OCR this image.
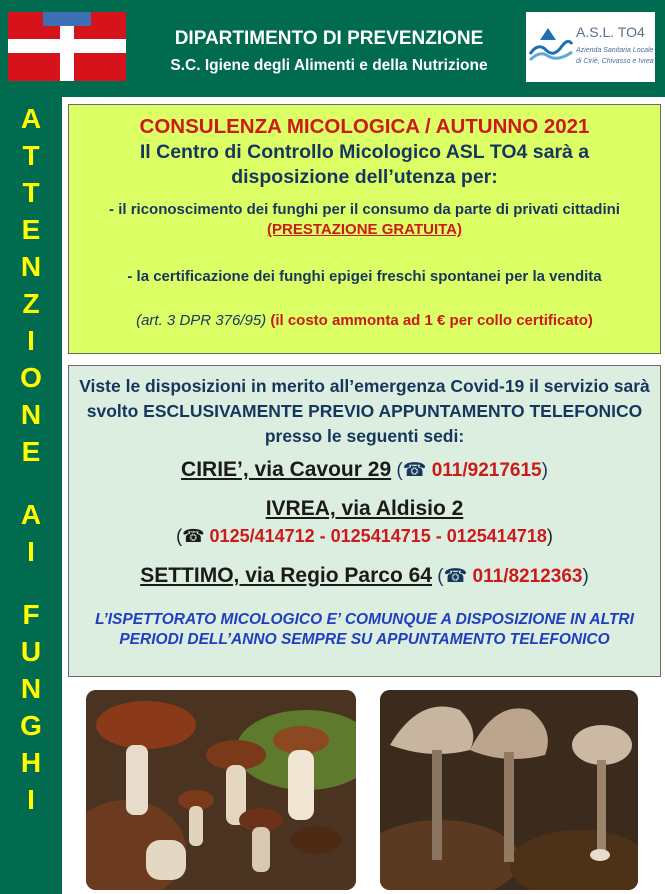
DIPARTIMENTO DI PREVENZIONE
S.C. Igiene degli Alimenti e della Nutrizione
A.S.L. TO4
Azienda Sanitaria Locale
di Ciriè, Chivasso e Ivrea
A
T
T
E
N
Z
I
O
N
E
A
I
F
U
N
G
H
I
CONSULENZA MICOLOGICA / AUTUNNO 2021
Il Centro di Controllo Micologico ASL TO4 sarà a
disposizione dell’utenza per:
- il riconoscimento dei funghi per il consumo da parte di privati cittadini (PRESTAZIONE GRATUITA)
- la certificazione dei funghi epigei freschi spontanei per la vendita
(art. 3 DPR 376/95) (il costo ammonta ad 1 € per collo certificato)
Viste le disposizioni in merito all’emergenza Covid-19 il servizio sarà svolto ESCLUSIVAMENTE PREVIO APPUNTAMENTO TELEFONICO presso le seguenti sedi:
CIRIE’, via Cavour 29 (☎ 011/9217615)
IVREA, via Aldisio 2
(☎ 0125/414712 - 0125414715 - 0125414718)
SETTIMO, via Regio Parco 64 (☎ 011/8212363)
L’ISPETTORATO MICOLOGICO E’ COMUNQUE A DISPOSIZIONE IN ALTRI PERIODI DELL’ANNO SEMPRE SU APPUNTAMENTO TELEFONICO
